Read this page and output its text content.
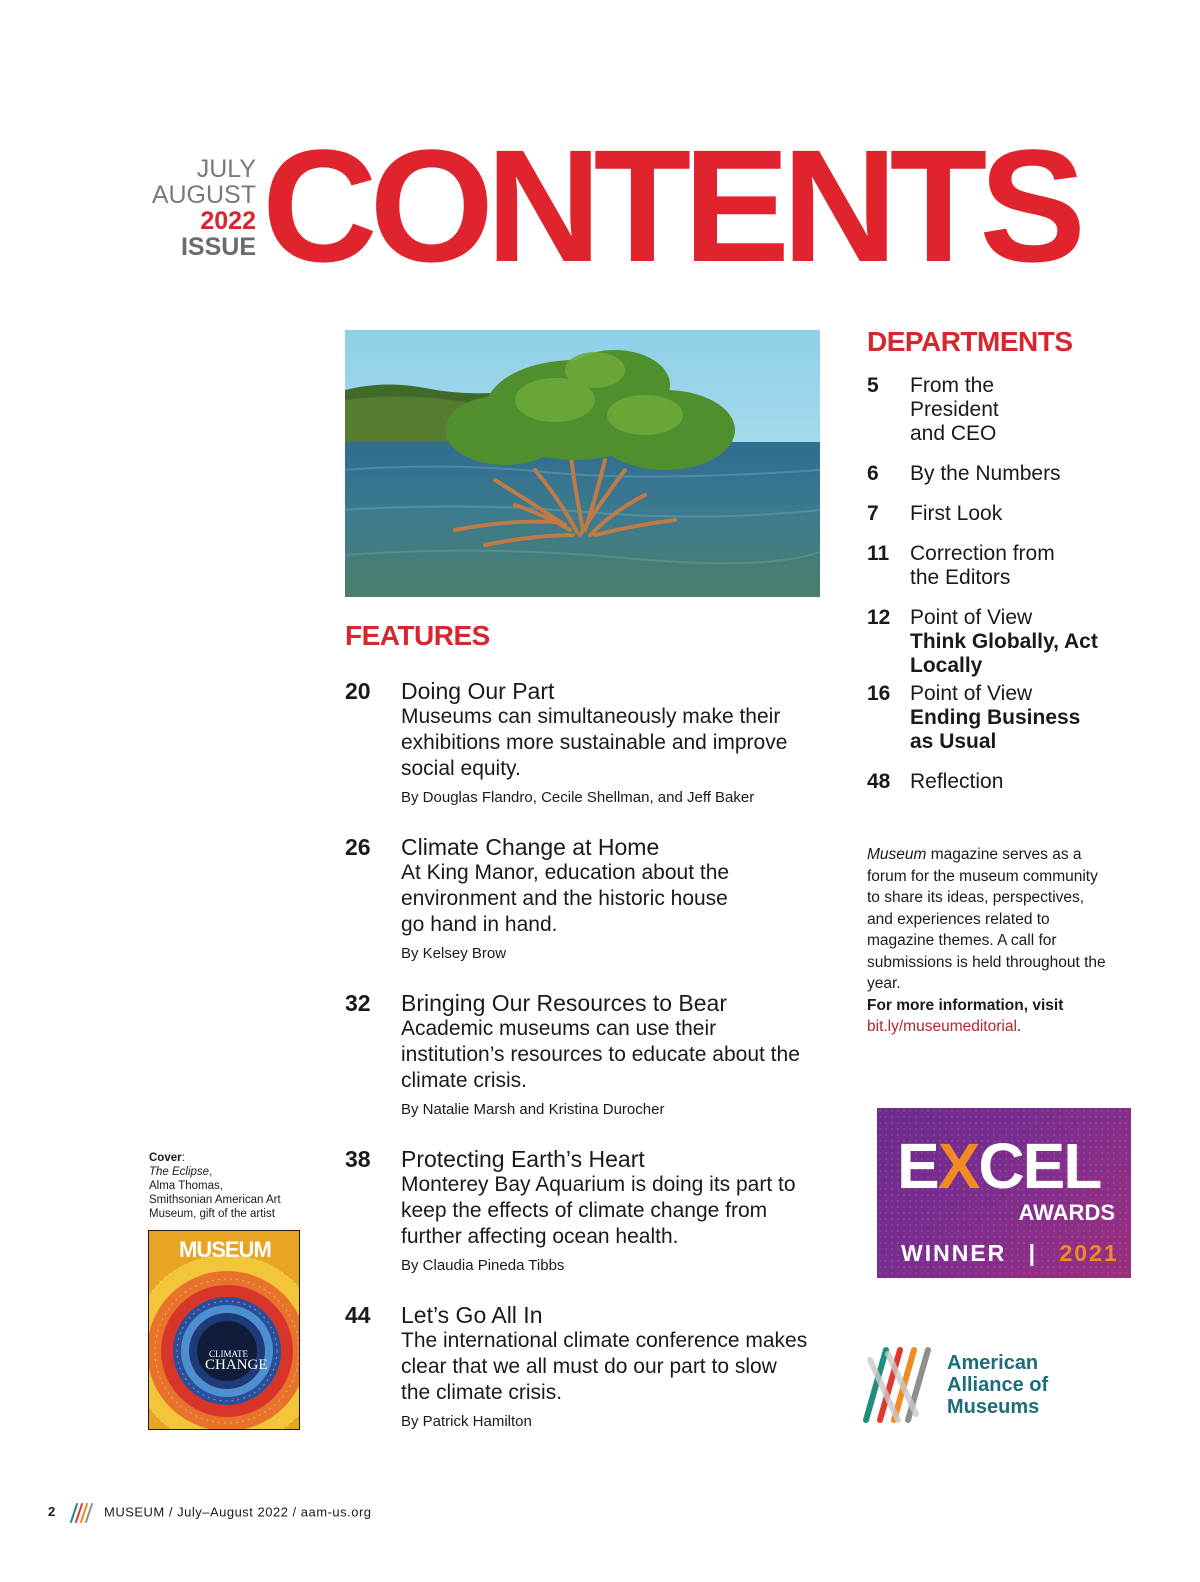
JULY
AUGUST
2022
ISSUE CONTENTS
FEATURES
20 Doing Our Part
Museums can simultaneously make their exhibitions more sustainable and improve social equity.
By Douglas Flandro, Cecile Shellman, and Jeff Baker
26 Climate Change at Home
At King Manor, education about the environment and the historic house go hand in hand.
By Kelsey Brow
32 Bringing Our Resources to Bear
Academic museums can use their institution’s resources to educate about the climate crisis.
By Natalie Marsh and Kristina Durocher
38 Protecting Earth’s Heart
Monterey Bay Aquarium is doing its part to keep the effects of climate change from further affecting ocean health.
By Claudia Pineda Tibbs
44 Let’s Go All In
The international climate conference makes clear that we all must do our part to slow the climate crisis.
By Patrick Hamilton
DEPARTMENTS
5 From the President and CEO
6 By the Numbers
7 First Look
11 Correction from the Editors
12 Point of View
Think Globally, Act Locally
16 Point of View
Ending Business as Usual
48 Reflection
Museum magazine serves as a forum for the museum community to share its ideas, perspectives, and experiences related to magazine themes. A call for submissions is held throughout the year.
For more information, visit
bit.ly/museumeditorial.
EXCEL
AWARDS
WINNER | 2021
American
Alliance of
Museums
Cover:
The Eclipse,
Alma Thomas,
Smithsonian American Art Museum, gift of the artist
MUSEUM
CLIMATE
CHANGE
2	MUSEUM / July–August 2022 / aam-us.org
